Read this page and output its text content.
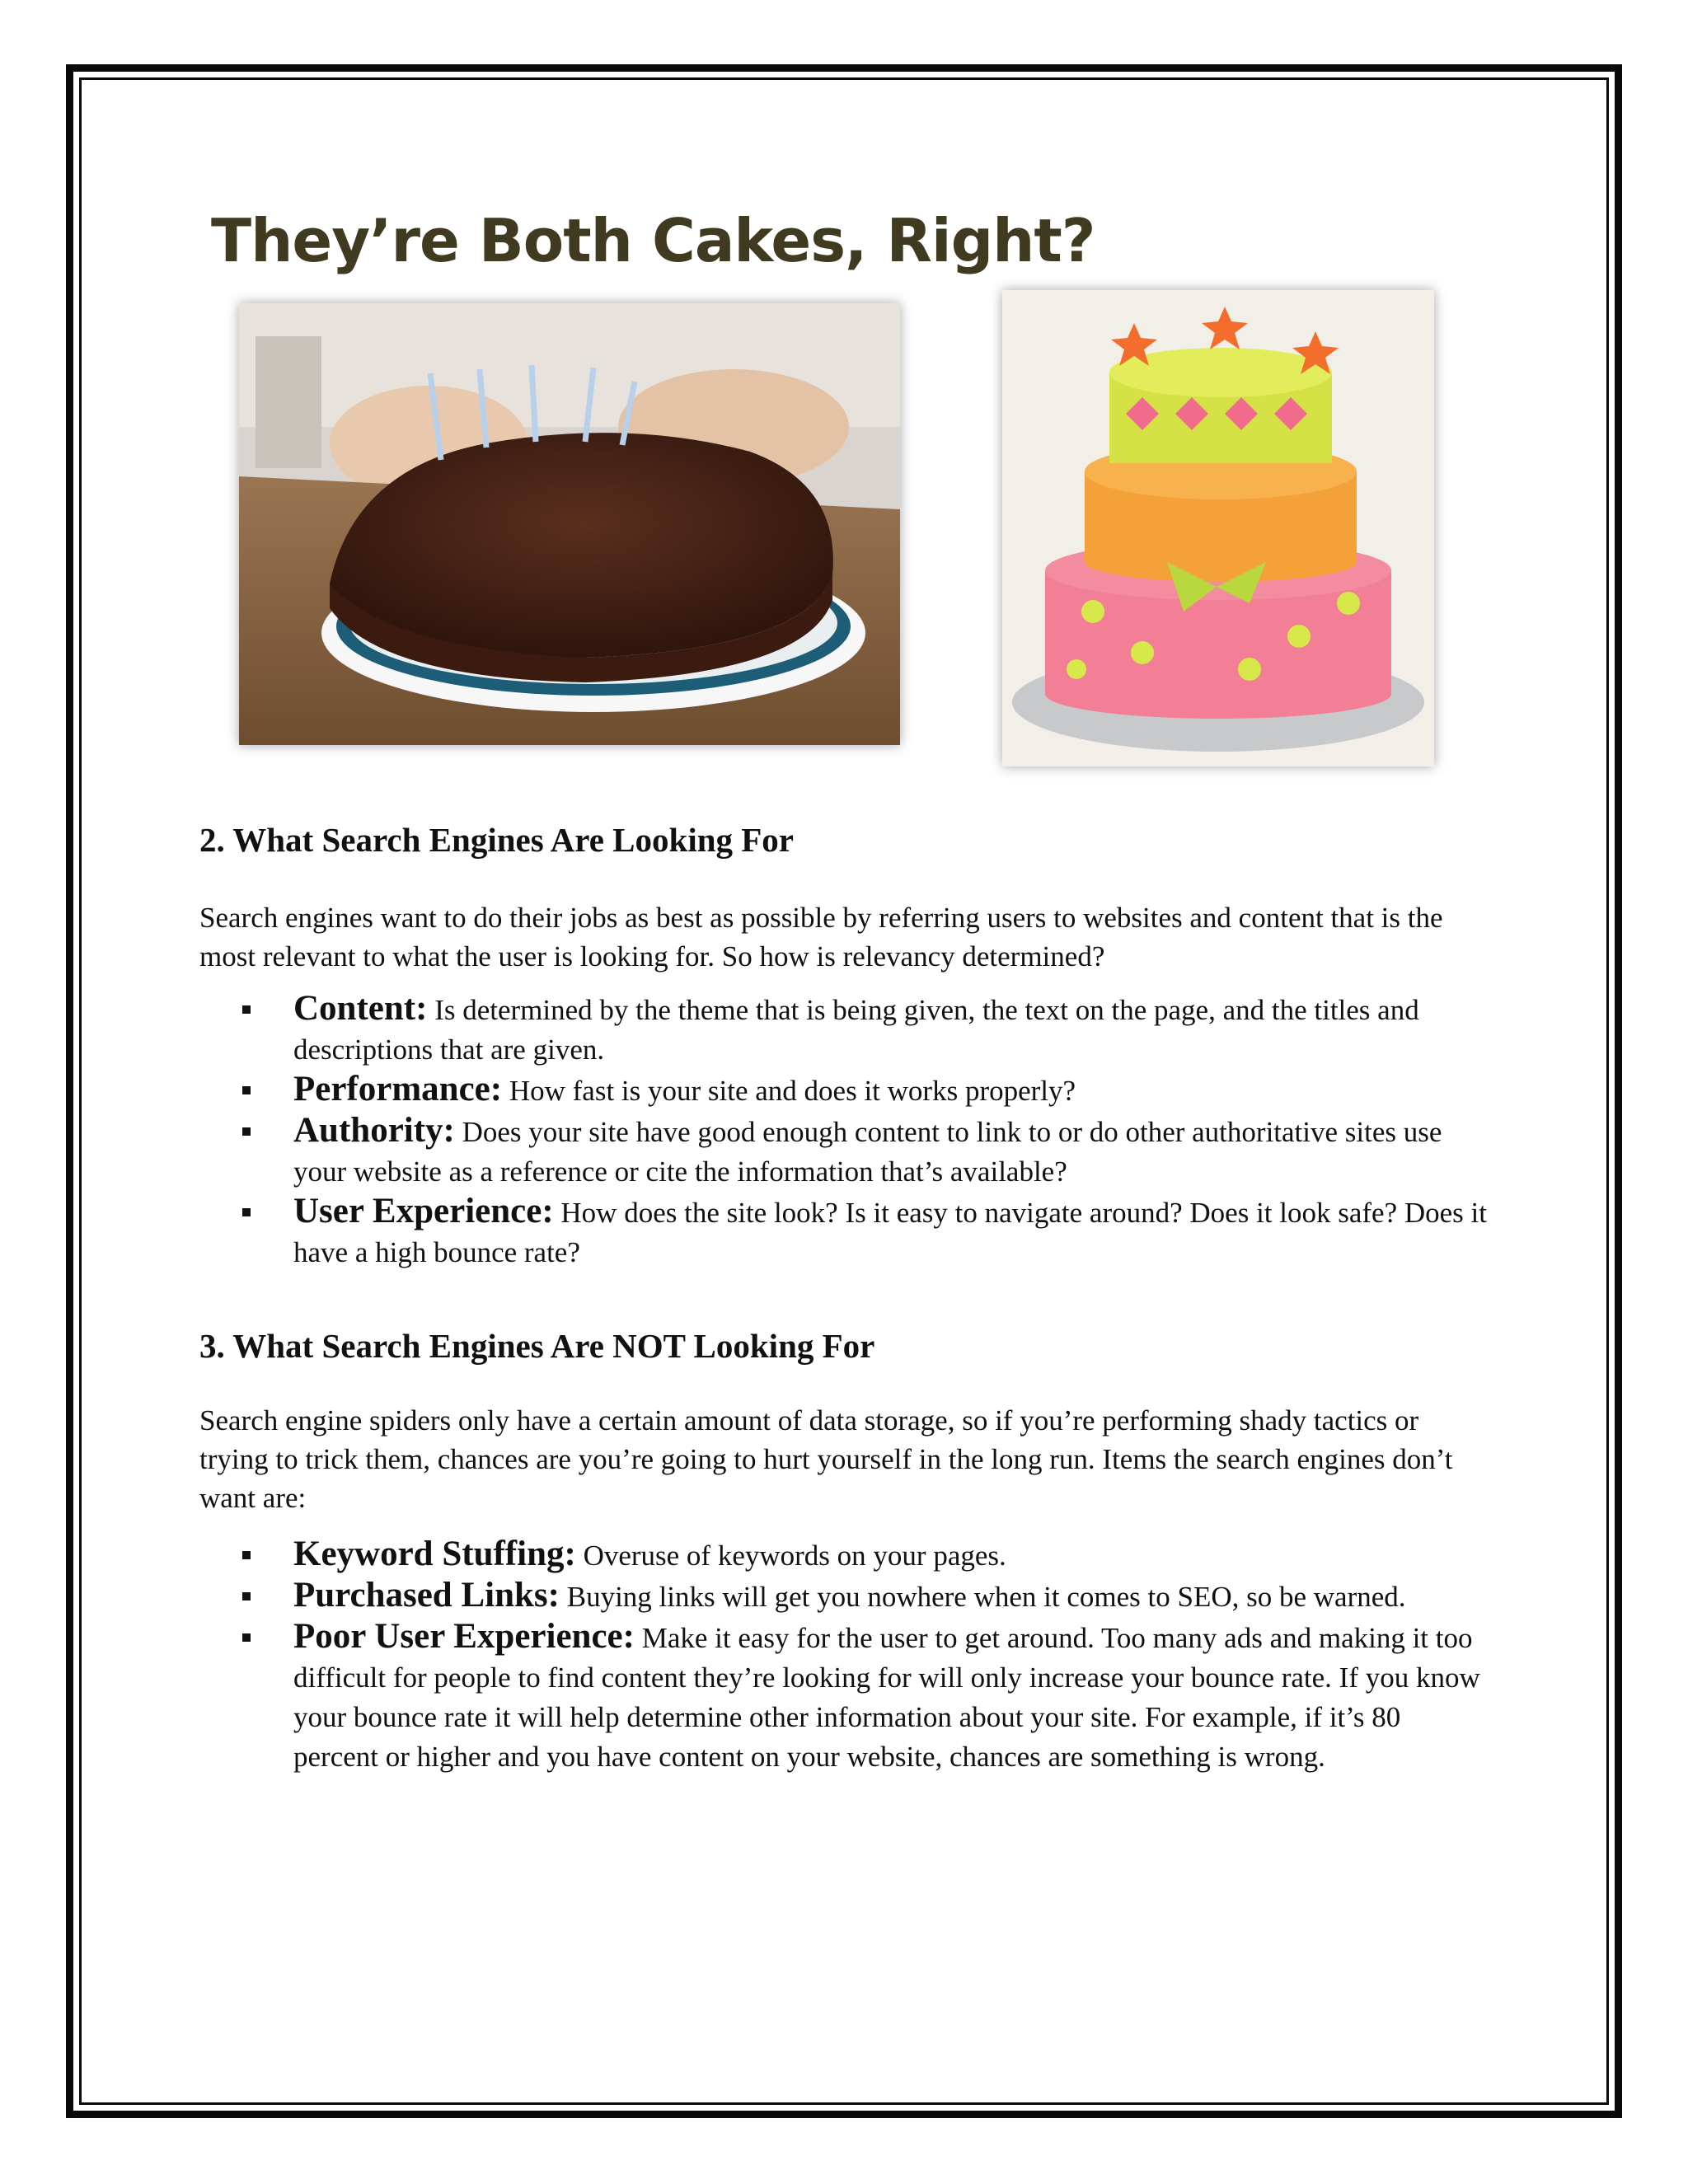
They’re Both Cakes, Right?
2. What Search Engines Are Looking For

Search engines want to do their jobs as best as possible by referring users to websites and content that is the most relevant to what the user is looking for. So how is relevancy determined?

Content: Is determined by the theme that is being given, the text on the page, and the titles and descriptions that are given.
Performance: How fast is your site and does it works properly?
Authority: Does your site have good enough content to link to or do other authoritative sites use your website as a reference or cite the information that’s available?
User Experience: How does the site look? Is it easy to navigate around? Does it look safe? Does it have a high bounce rate?
3. What Search Engines Are NOT Looking For

Search engine spiders only have a certain amount of data storage, so if you’re performing shady tactics or trying to trick them, chances are you’re going to hurt yourself in the long run. Items the search engines don’t want are:

Keyword Stuffing: Overuse of keywords on your pages.
Purchased Links: Buying links will get you nowhere when it comes to SEO, so be warned.
Poor User Experience: Make it easy for the user to get around. Too many ads and making it too difficult for people to find content they’re looking for will only increase your bounce rate. If you know your bounce rate it will help determine other information about your site. For example, if it’s 80 percent or higher and you have content on your website, chances are something is wrong.
